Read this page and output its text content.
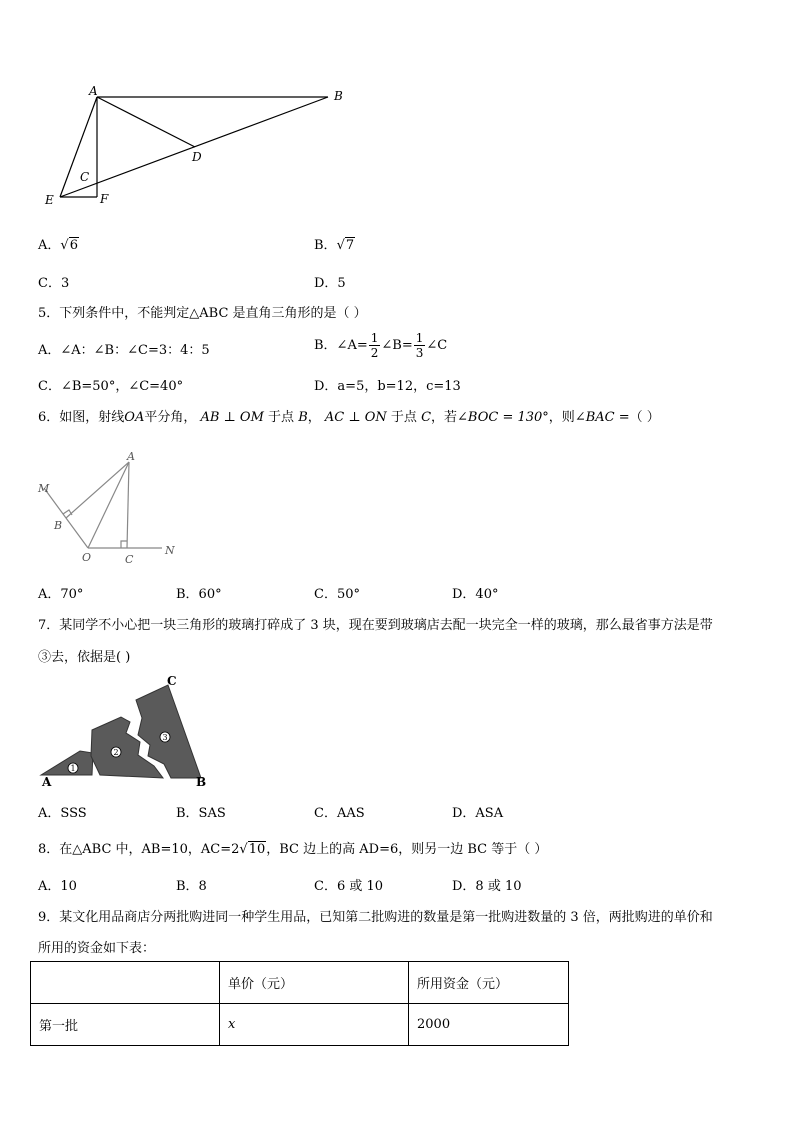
A	B
C
D
E	F
A．√6	B．√7
C．3	D．5
5．下列条件中，不能判定△ABC 是直角三角形的是（ ）
A．∠A：∠B：∠C=3：4：5	B．∠A= $\frac{1}{2}$ ∠B= $\frac{1}{3}$ ∠C
C．∠B=50°，∠C=40°	D．a=5，b=12，c=13
6．如图，射线OA平分角， AB ⊥ OM 于点 B， AC ⊥ ON 于点 C，若∠BOC = 130°，则∠BAC =（ ）
A
M
B
O	C
N
A．70°	B．60°	C．50°	D．40°
7．某同学不小心把一块三角形的玻璃打碎成了 3 块，现在要到玻璃店去配一块完全一样的玻璃，那么最省事方法是带
③去，依据是( )
1
2
3
A	B
C
A．SSS	B．SAS	C．AAS	D．ASA
8．在△ABC 中，AB=10，AC=2√10，BC 边上的高 AD=6，则另一边 BC 等于（ ）
A．10	B．8	C．6 或 10	D．8 或 10
9．某文化用品商店分两批购进同一种学生用品，已知第二批购进的数量是第一批购进数量的 3 倍，两批购进的单价和
所用的资金如下表：
	单价（元）	所用资金（元）
第一批	x	2000
